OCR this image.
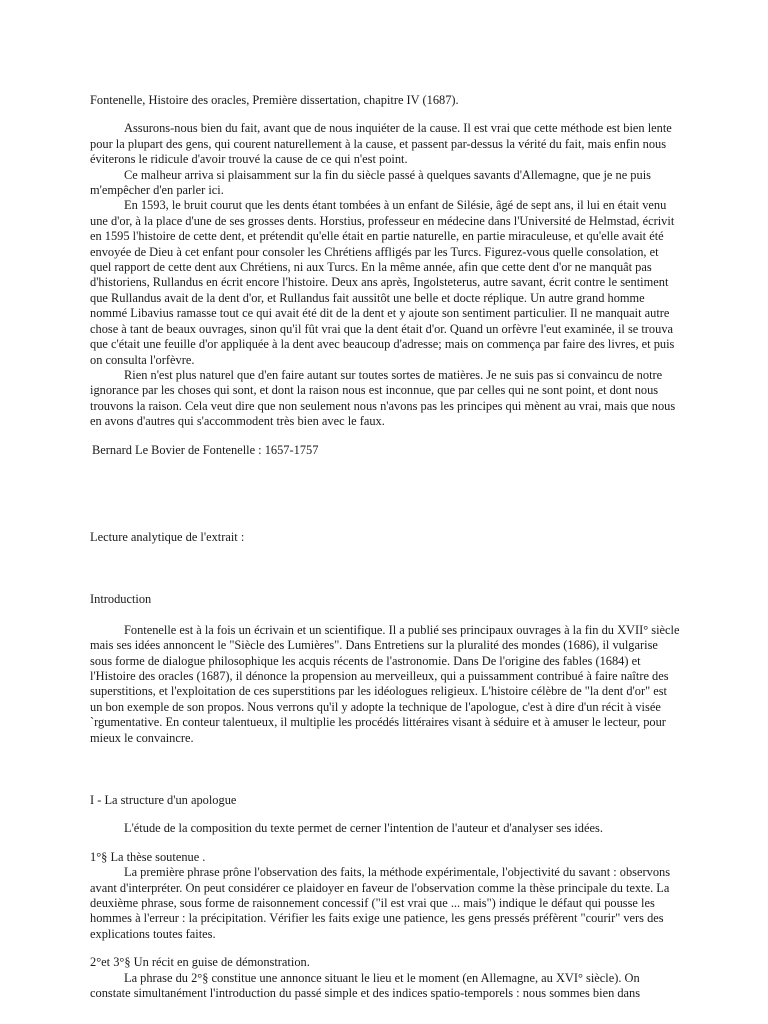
Fontenelle, Histoire des oracles, Première dissertation, chapitre IV (1687).

Assurons-nous bien du fait, avant que de nous inquiéter de la cause. Il est vrai que cette méthode est bien lente pour la plupart des gens, qui courent naturellement à la cause, et passent par-dessus la vérité du fait, mais enfin nous éviterons le ridicule d'avoir trouvé la cause de ce qui n'est point.

Ce malheur arriva si plaisamment sur la fin du siècle passé à quelques savants d'Allemagne, que je ne puis m'empêcher d'en parler ici.

En 1593, le bruit courut que les dents étant tombées à un enfant de Silésie, âgé de sept ans, il lui en était venu une d'or, à la place d'une de ses grosses dents. Horstius, professeur en médecine dans l'Université de Helmstad, écrivit en 1595 l'histoire de cette dent, et prétendit qu'elle était en partie naturelle, en partie miraculeuse, et qu'elle avait été envoyée de Dieu à cet enfant pour consoler les Chrétiens affligés par les Turcs. Figurez-vous quelle consolation, et quel rapport de cette dent aux Chrétiens, ni aux Turcs. En la même année, afin que cette dent d'or ne manquât pas d'historiens, Rullandus en écrit encore l'histoire. Deux ans après, Ingolsteterus, autre savant, écrit contre le sentiment que Rullandus avait de la dent d'or, et Rullandus fait aussitôt une belle et docte réplique. Un autre grand homme nommé Libavius ramasse tout ce qui avait été dit de la dent et y ajoute son sentiment particulier. Il ne manquait autre chose à tant de beaux ouvrages, sinon qu'il fût vrai que la dent était d'or. Quand un orfèvre l'eut examinée, il se trouva que c'était une feuille d'or appliquée à la dent avec beaucoup d'adresse; mais on commença par faire des livres, et puis on consulta l'orfèvre.

Rien n'est plus naturel que d'en faire autant sur toutes sortes de matières. Je ne suis pas si convaincu de notre ignorance par les choses qui sont, et dont la raison nous est inconnue, que par celles qui ne sont point, et dont nous trouvons la raison. Cela veut dire que non seulement nous n'avons pas les principes qui mènent au vrai, mais que nous en avons d'autres qui s'accommodent très bien avec le faux.

Bernard Le Bovier de Fontenelle : 1657-1757

Lecture analytique de l'extrait :

Introduction

Fontenelle est à la fois un écrivain et un scientifique. Il a publié ses principaux ouvrages à la fin du XVII° siècle mais ses idées annoncent le "Siècle des Lumières". Dans Entretiens sur la pluralité des mondes (1686), il vulgarise sous forme de dialogue philosophique les acquis récents de l'astronomie. Dans De l'origine des fables (1684) et l'Histoire des oracles (1687), il dénonce la propension au merveilleux, qui a puissamment contribué à faire naître des superstitions, et l'exploitation de ces superstitions par les idéologues religieux. L'histoire célèbre de "la dent d'or" est un bon exemple de son propos. Nous verrons qu'il y adopte la technique de l'apologue, c'est à dire d'un récit à visée `rgumentative. En conteur talentueux, il multiplie les procédés littéraires visant à séduire et à amuser le lecteur, pour mieux le convaincre.

I - La structure d'un apologue

L'étude de la composition du texte permet de cerner l'intention de l'auteur et d'analyser ses idées.

1°§ La thèse soutenue .

La première phrase prône l'observation des faits, la méthode expérimentale, l'objectivité du savant : observons avant d'interpréter. On peut considérer ce plaidoyer en faveur de l'observation comme la thèse principale du texte. La deuxième phrase, sous forme de raisonnement concessif ("il est vrai que ... mais") indique le défaut qui pousse les hommes à l'erreur : la précipitation. Vérifier les faits exige une patience, les gens pressés préfèrent "courir" vers des explications toutes faites.

2°et 3°§ Un récit en guise de démonstration.

La phrase du 2°§ constitue une annonce situant le lieu et le moment (en Allemagne, au XVI° siècle). On constate simultanément l'introduction du passé simple et des indices spatio-temporels : nous sommes bien dans
